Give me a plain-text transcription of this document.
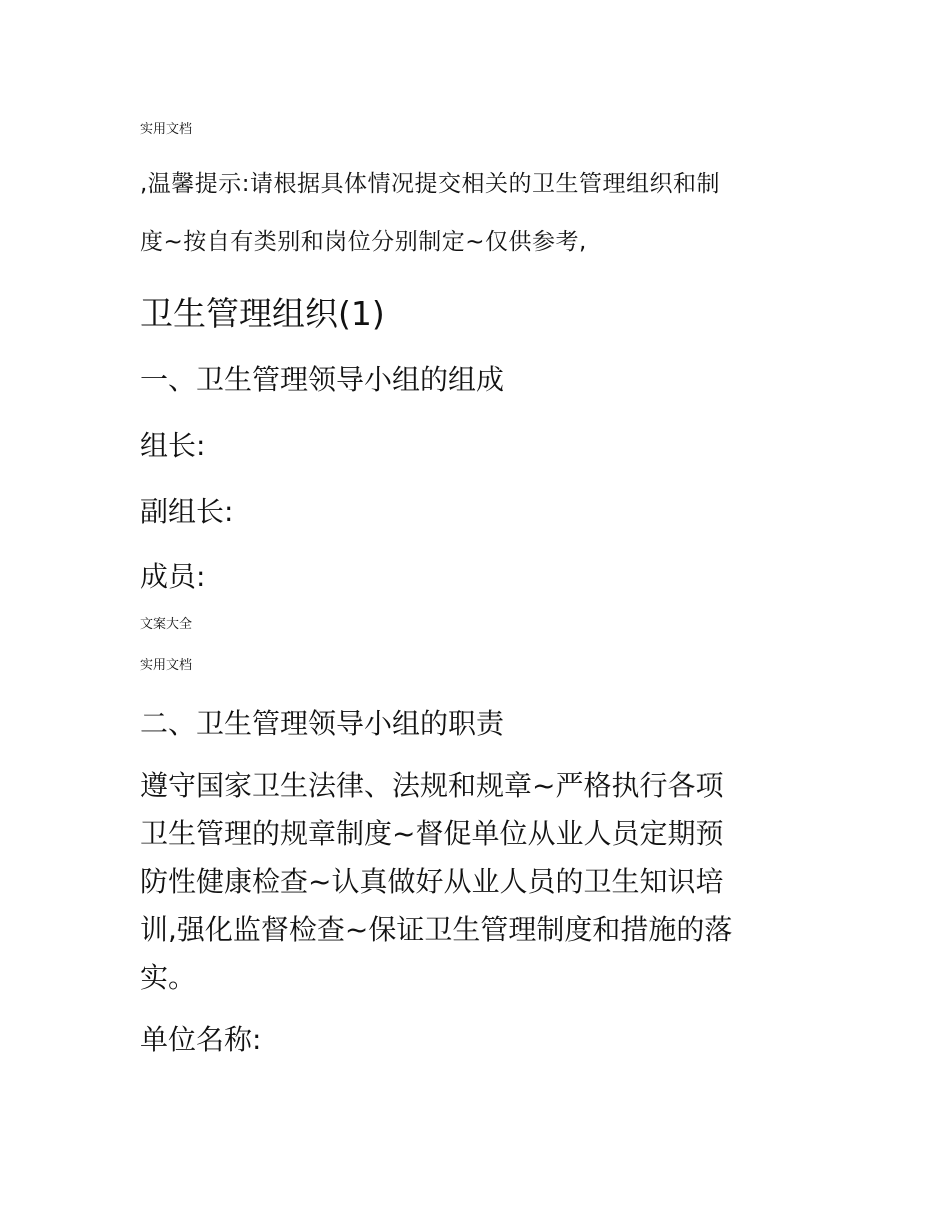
实用文档
,温馨提示:请根据具体情况提交相关的卫生管理组织和制
度~按自有类别和岗位分别制定~仅供参考,
卫生管理组织(1)
一、卫生管理领导小组的组成
组长:
副组长:
成员:
文案大全
实用文档
二、卫生管理领导小组的职责
遵守国家卫生法律、法规和规章~严格执行各项
卫生管理的规章制度~督促单位从业人员定期预
防性健康检查~认真做好从业人员的卫生知识培
训,强化监督检查~保证卫生管理制度和措施的落
实。
单位名称:
